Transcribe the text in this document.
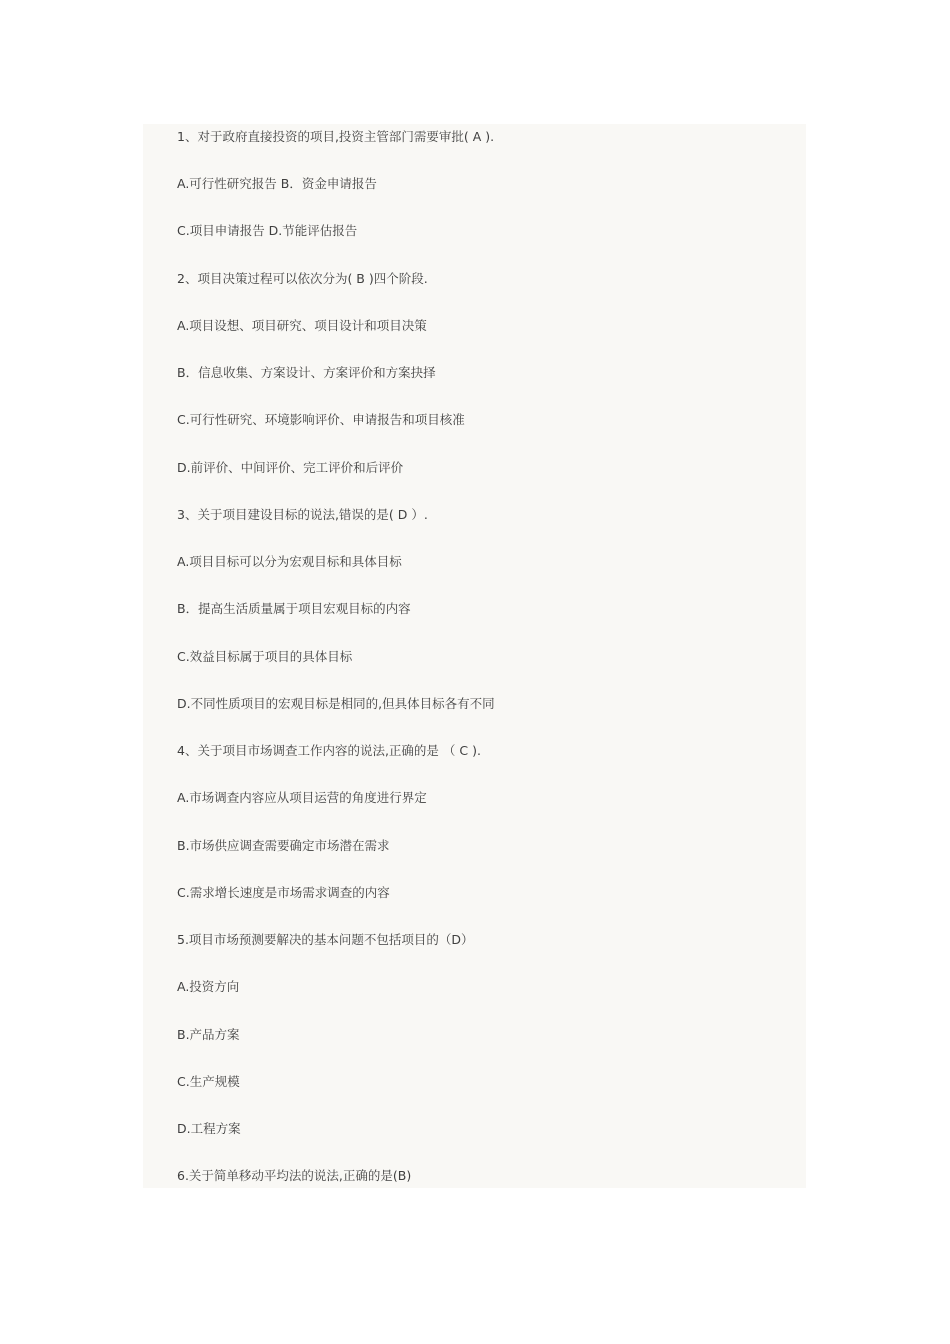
1、对于政府直接投资的项目,投资主管部门需要审批( A ).
A.可行性研究报告 B．资金申请报告
C.项目申请报告 D.节能评估报告
2、项目决策过程可以依次分为( B )四个阶段.
A.项目设想、项目研究、项目设计和项目决策
B．信息收集、方案设计、方案评价和方案抉择
C.可行性研究、环境影响评价、申请报告和项目核准
D.前评价、中间评价、完工评价和后评价
3、关于项目建设目标的说法,错误的是( D ）.
A.项目目标可以分为宏观目标和具体目标
B．提高生活质量属于项目宏观目标的内容
C.效益目标属于项目的具体目标
D.不同性质项目的宏观目标是相同的,但具体目标各有不同
4、关于项目市场调查工作内容的说法,正确的是 （ C ).
A.市场调查内容应从项目运营的角度进行界定
B.市场供应调查需要确定市场潜在需求
C.需求增长速度是市场需求调查的内容
5.项目市场预测要解决的基本问题不包括项目的（D）
A.投资方向
B.产品方案
C.生产规模
D.工程方案
6.关于简单移动平均法的说法,正确的是(B)
